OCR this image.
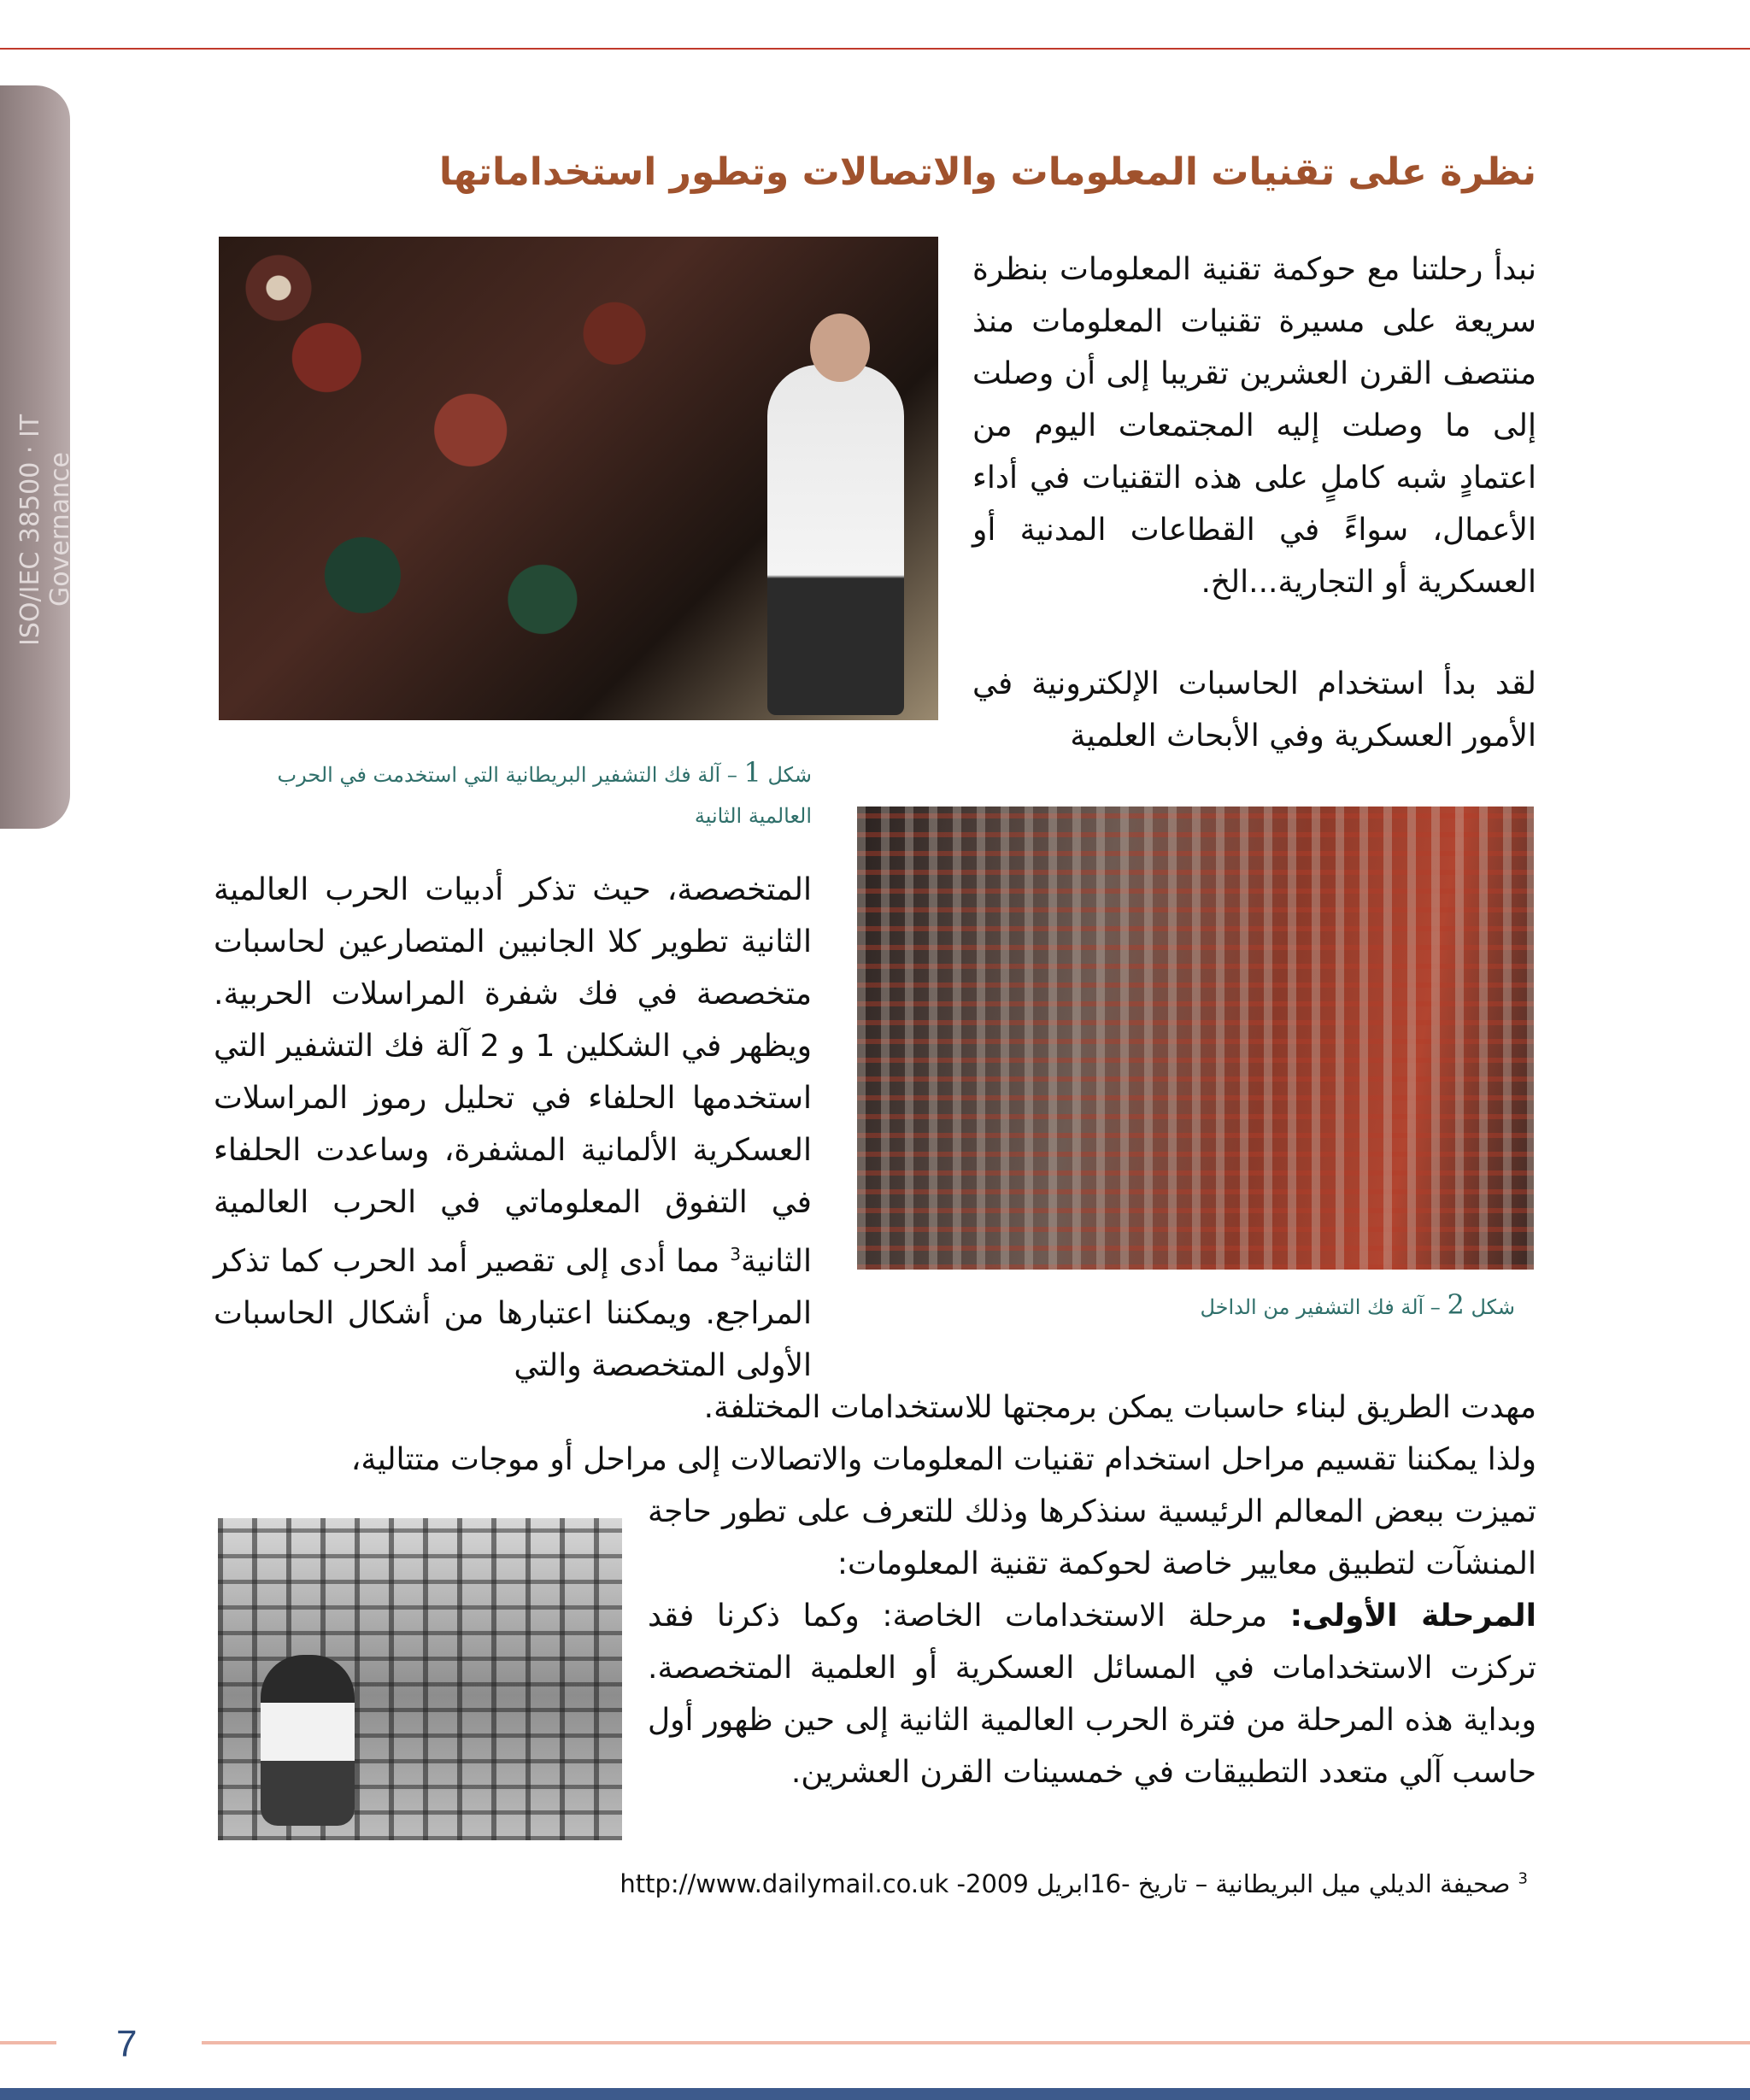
ISO/IEC 38500 · IT Governance
نظرة على تقنيات المعلومات والاتصالات وتطور استخداماتها
نبدأ رحلتنا مع حوكمة تقنية المعلومات بنظرة سريعة على مسيرة تقنيات المعلومات منذ منتصف القرن العشرين تقريبا إلى أن وصلت إلى ما وصلت إليه المجتمعات اليوم من اعتمادٍ شبه كاملٍ على هذه التقنيات في أداء الأعمال، سواءً في القطاعات المدنية أو العسكرية أو التجارية...الخ.
لقد بدأ استخدام الحاسبات الإلكترونية في الأمور العسكرية وفي الأبحاث العلمية
شكل 1 – آلة فك التشفير البريطانية التي استخدمت في الحرب العالمية الثانية
شكل 2 – آلة فك التشفير من الداخل
المتخصصة، حيث تذكر أدبيات الحرب العالمية الثانية تطوير كلا الجانبين المتصارعين لحاسبات متخصصة في فك شفرة المراسلات الحربية. ويظهر في الشكلين 1 و 2 آلة فك التشفير التي استخدمها الحلفاء في تحليل رموز المراسلات العسكرية الألمانية المشفرة، وساعدت الحلفاء في التفوق المعلوماتي في الحرب العالمية الثانية$^3$ مما أدى إلى تقصير أمد الحرب كما تذكر المراجع. ويمكننا اعتبارها من أشكال الحاسبات الأولى المتخصصة والتي
مهدت الطريق لبناء حاسبات يمكن برمجتها للاستخدامات المختلفة.
ولذا يمكننا تقسيم مراحل استخدام تقنيات المعلومات والاتصالات إلى مراحل أو موجات متتالية،
تميزت ببعض المعالم الرئيسية سنذكرها وذلك للتعرف على تطور حاجة المنشآت لتطبيق معايير خاصة لحوكمة تقنية المعلومات:
المرحلة الأولى: مرحلة الاستخدامات الخاصة: وكما ذكرنا فقد تركزت الاستخدامات في المسائل العسكرية أو العلمية المتخصصة. وبداية هذه المرحلة من فترة الحرب العالمية الثانية إلى حين ظهور أول حاسب آلي متعدد التطبيقات في خمسينات القرن العشرين.
$^3$ صحيفة الديلي ميل البريطانية – تاريخ -16ابريل 2009- http://www.dailymail.co.uk
7
